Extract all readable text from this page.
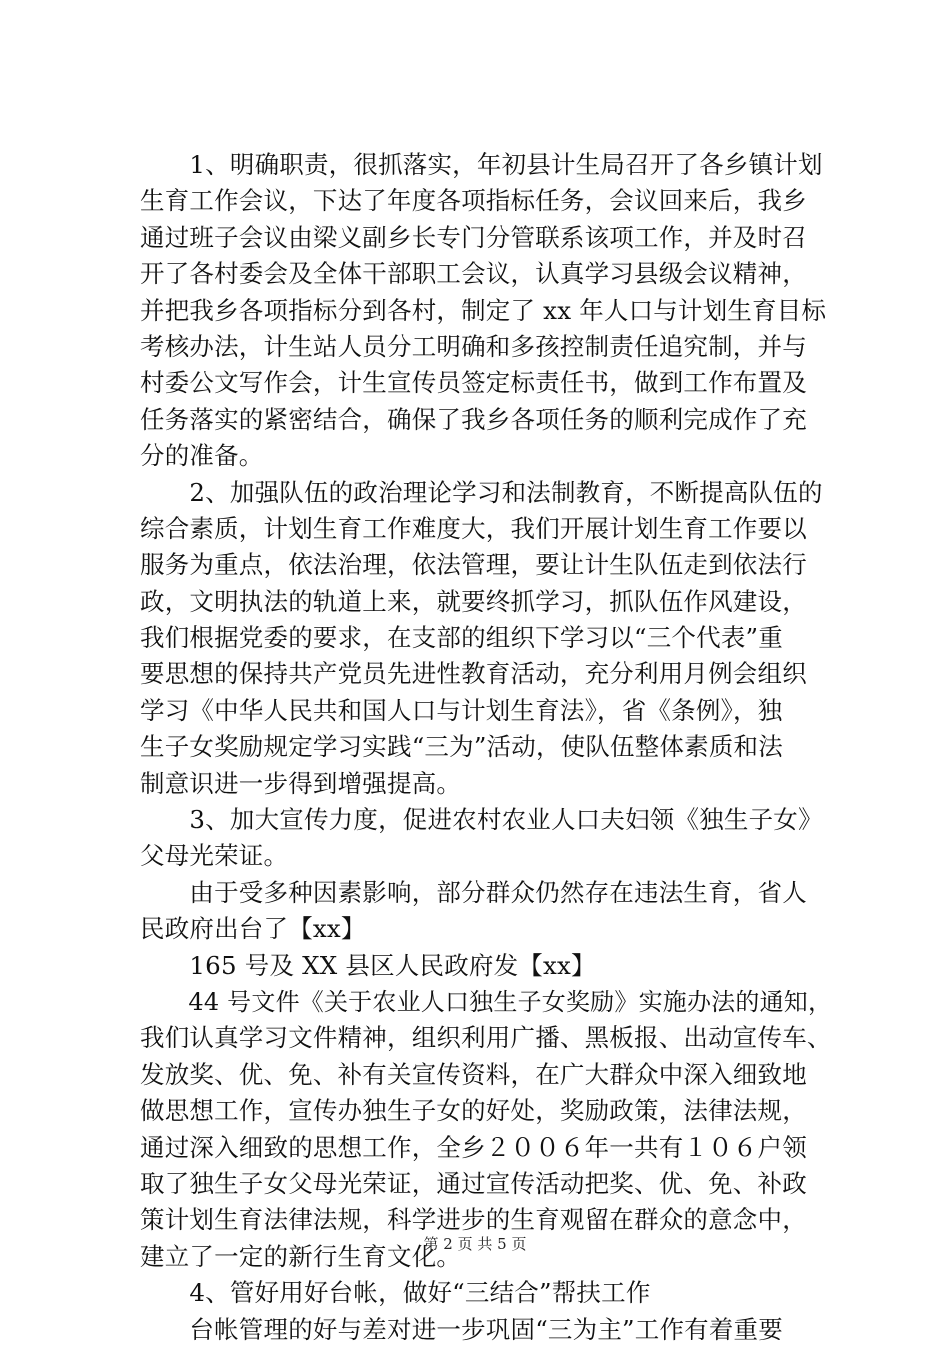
　　1、明确职责，很抓落实，年初县计生局召开了各乡镇计划
生育工作会议，下达了年度各项指标任务，会议回来后，我乡
通过班子会议由梁义副乡长专门分管联系该项工作，并及时召
开了各村委会及全体干部职工会议，认真学习县级会议精神，
并把我乡各项指标分到各村，制定了 xx 年人口与计划生育目标
考核办法，计生站人员分工明确和多孩控制责任追究制，并与
村委公文写作会，计生宣传员签定标责任书，做到工作布置及
任务落实的紧密结合，确保了我乡各项任务的顺利完成作了充
分的准备。
　　2、加强队伍的政治理论学习和法制教育，不断提高队伍的
综合素质，计划生育工作难度大，我们开展计划生育工作要以
服务为重点，依法治理，依法管理，要让计生队伍走到依法行
政，文明执法的轨道上来，就要终抓学习，抓队伍作风建设，
我们根据党委的要求，在支部的组织下学习以“三个代表”重
要思想的保持共产党员先进性教育活动，充分利用月例会组织
学习《中华人民共和国人口与计划生育法》，省《条例》，独
生子女奖励规定学习实践“三为”活动，使队伍整体素质和法
制意识进一步得到增强提高。
　　3、加大宣传力度，促进农村农业人口夫妇领《独生子女》
父母光荣证。
　　由于受多种因素影响，部分群众仍然存在违法生育，省人
民政府出台了【xx】
　　165 号及 XX 县区人民政府发【xx】
　　44 号文件《关于农业人口独生子女奖励》实施办法的通知，
我们认真学习文件精神，组织利用广播、黑板报、出动宣传车、
发放奖、优、免、补有关宣传资料，在广大群众中深入细致地
做思想工作，宣传办独生子女的好处，奖励政策，法律法规，
通过深入细致的思想工作，全乡２００６年一共有１０６户领
取了独生子女父母光荣证，通过宣传活动把奖、优、免、补政
策计划生育法律法规，科学进步的生育观留在群众的意念中，
建立了一定的新行生育文化。
　　4、管好用好台帐，做好“三结合”帮扶工作
　　台帐管理的好与差对进一步巩固“三为主”工作有着重要
第 2 页 共 5 页
